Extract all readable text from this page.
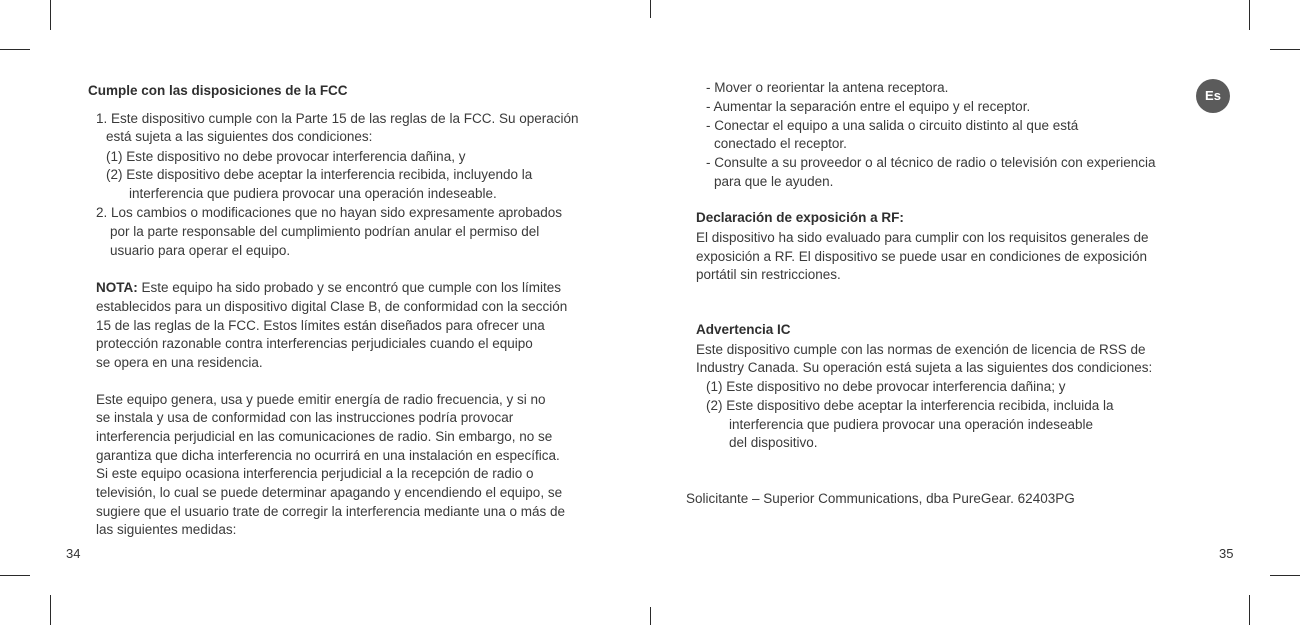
Es
Cumple con las disposiciones de la FCC
1. Este dispositivo cumple con la Parte 15 de las reglas de la FCC. Su operación
está sujeta a las siguientes dos condiciones:
(1) Este dispositivo no debe provocar interferencia dañina, y
(2) Este dispositivo debe aceptar la interferencia recibida, incluyendo la
interferencia que pudiera provocar una operación indeseable.
2. Los cambios o modificaciones que no hayan sido expresamente aprobados
por la parte responsable del cumplimiento podrían anular el permiso del
usuario para operar el equipo.
NOTA: Este equipo ha sido probado y se encontró que cumple con los límites
establecidos para un dispositivo digital Clase B, de conformidad con la sección
15 de las reglas de la FCC. Estos límites están diseñados para ofrecer una
protección razonable contra interferencias perjudiciales cuando el equipo
se opera en una residencia.
Este equipo genera, usa y puede emitir energía de radio frecuencia, y si no
se instala y usa de conformidad con las instrucciones podría provocar
interferencia perjudicial en las comunicaciones de radio. Sin embargo, no se
garantiza que dicha interferencia no ocurrirá en una instalación en específica.
Si este equipo ocasiona interferencia perjudicial a la recepción de radio o
televisión, lo cual se puede determinar apagando y encendiendo el equipo, se
sugiere que el usuario trate de corregir la interferencia mediante una o más de
las siguientes medidas:
34
- Mover o reorientar la antena receptora.
- Aumentar la separación entre el equipo y el receptor.
- Conectar el equipo a una salida o circuito distinto al que está
conectado el receptor.
- Consulte a su proveedor o al técnico de radio o televisión con experiencia
para que le ayuden.
Declaración de exposición a RF:
El dispositivo ha sido evaluado para cumplir con los requisitos generales de
exposición a RF. El dispositivo se puede usar en condiciones de exposición
portátil sin restricciones.
Advertencia IC
Este dispositivo cumple con las normas de exención de licencia de RSS de
Industry Canada. Su operación está sujeta a las siguientes dos condiciones:
(1) Este dispositivo no debe provocar interferencia dañina; y
(2) Este dispositivo debe aceptar la interferencia recibida, incluida la
interferencia que pudiera provocar una operación indeseable
del dispositivo.
Solicitante – Superior Communications, dba PureGear. 62403PG
35
